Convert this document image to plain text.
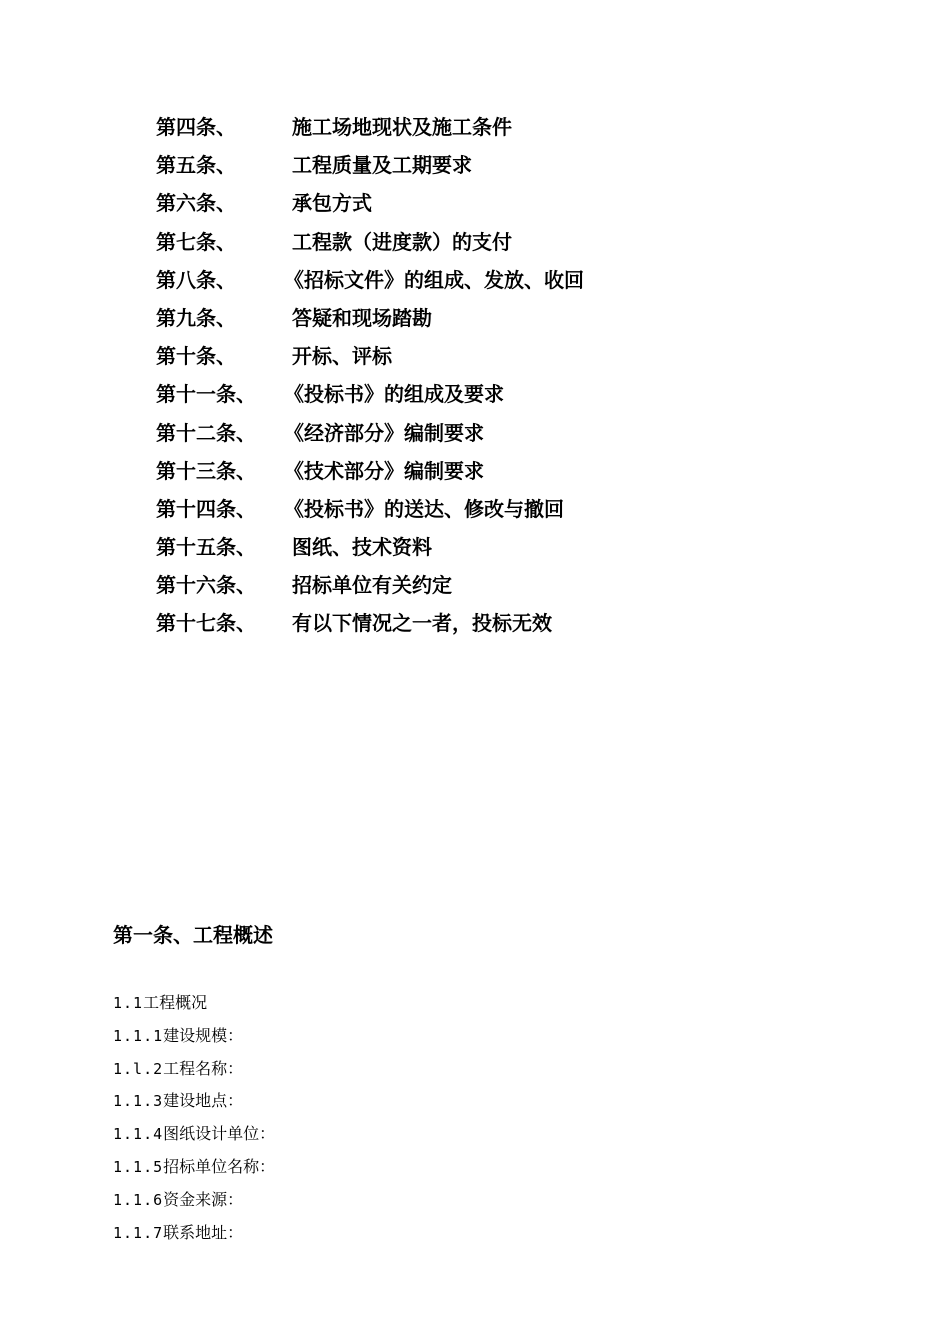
第四条、	施工场地现状及施工条件
第五条、	工程质量及工期要求
第六条、	承包方式
第七条、	工程款（进度款）的支付
第八条、 《招标文件》的组成、发放、收回
第九条、	答疑和现场踏勘
第十条、	开标、评标
第十一条、 《投标书》的组成及要求
第十二条、 《经济部分》编制要求
第十三条、 《技术部分》编制要求
第十四条、 《投标书》的送达、修改与撤回
第十五条、 图纸、技术资料
第十六条、 招标单位有关约定
第十七条、 有以下情况之一者，投标无效
第一条、工程概述
1.1工程概况
1.1.1建设规模：
1.l.2工程名称：
1.1.3建设地点：
1.1.4图纸设计单位：
1.1.5招标单位名称：
1.1.6资金来源：
1.1.7联系地址：
